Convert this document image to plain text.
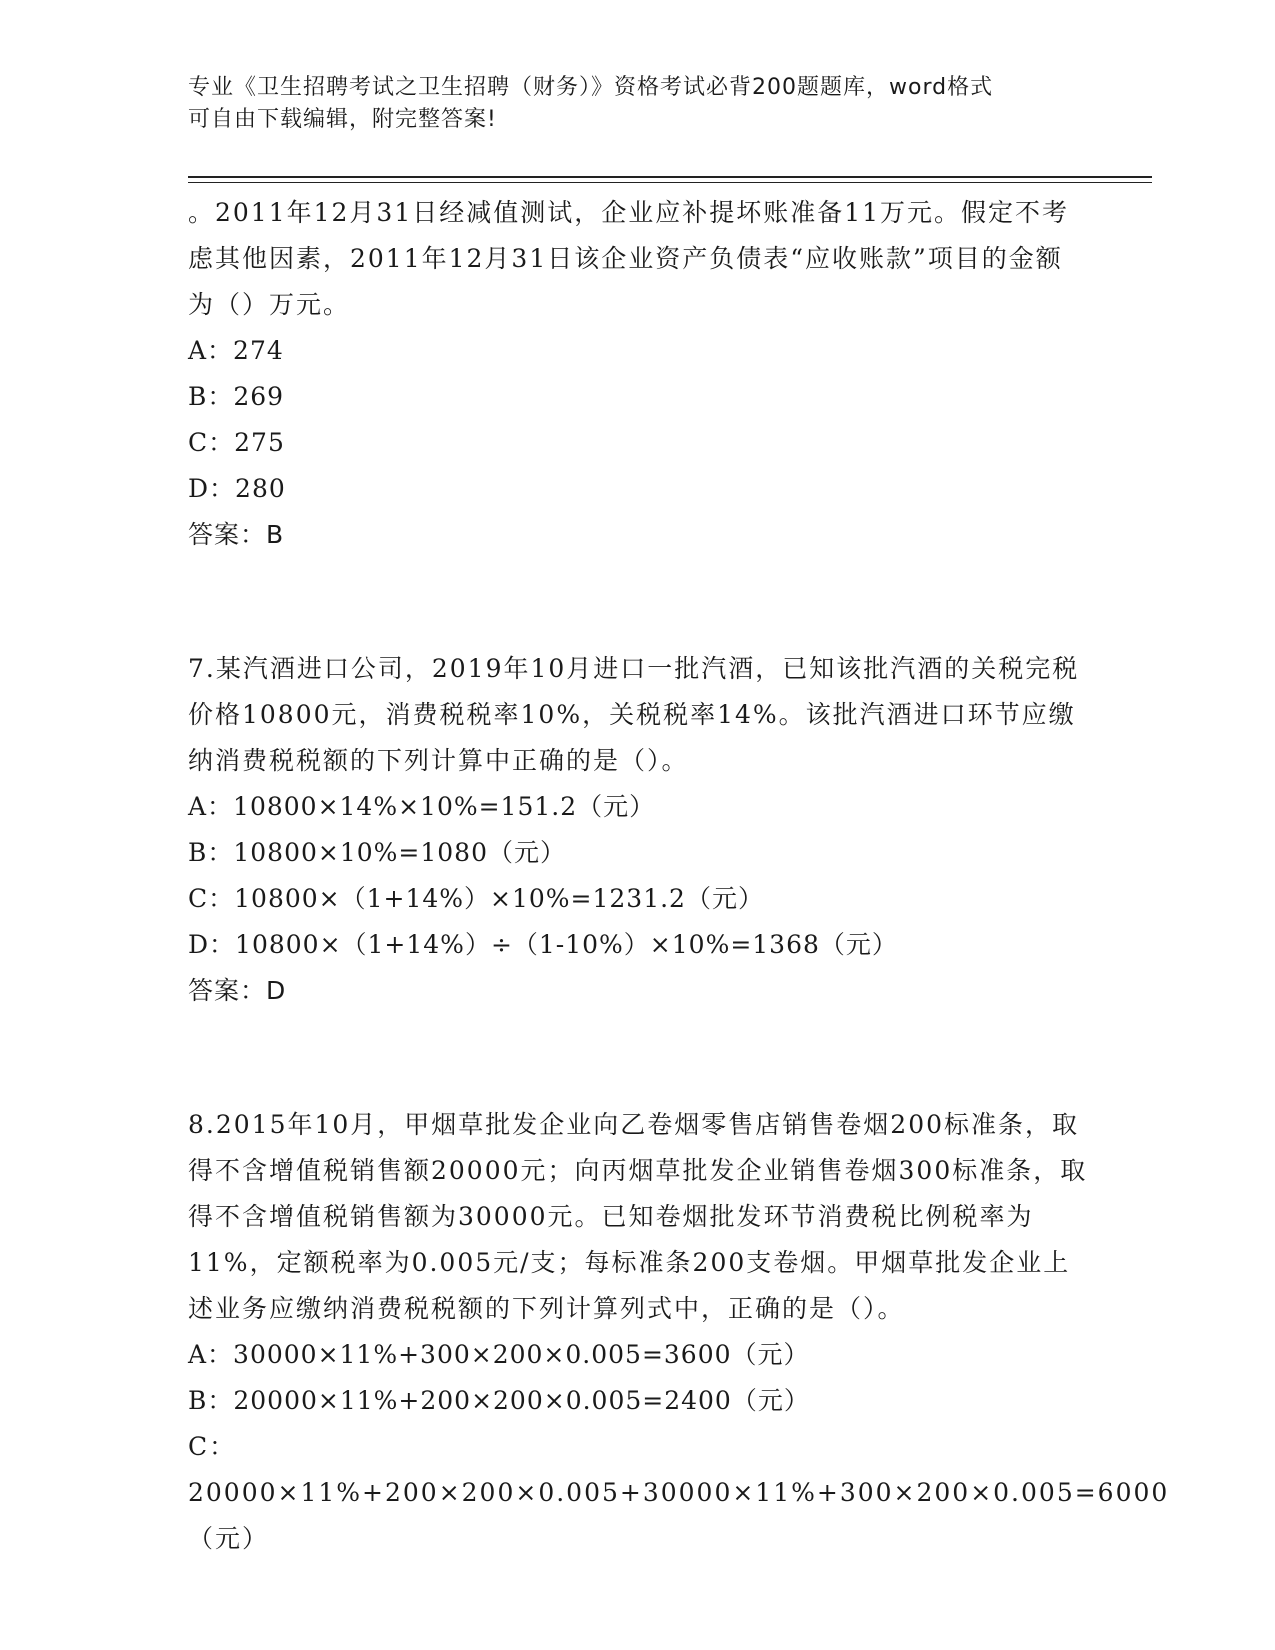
专业《卫生招聘考试之卫生招聘（财务）》资格考试必背200题题库，word格式
可自由下载编辑，附完整答案!

。2011年12月31日经减值测试，企业应补提坏账准备11万元。假定不考虑其他因素，2011年12月31日该企业资产负债表“应收账款”项目的金额为（）万元。

A：274

B：269

C：275

D：280

答案：B

7.某汽酒进口公司，2019年10月进口一批汽酒，已知该批汽酒的关税完税价格10800元，消费税税率10%，关税税率14%。该批汽酒进口环节应缴纳消费税税额的下列计算中正确的是（）。

A：10800×14%×10%=151.2（元）

B：10800×10%=1080（元）

C：10800×（1+14%）×10%=1231.2（元）

D：10800×（1+14%）÷（1-10%）×10%=1368（元）

答案：D

8.2015年10月，甲烟草批发企业向乙卷烟零售店销售卷烟200标准条，取得不含增值税销售额20000元；向丙烟草批发企业销售卷烟300标准条，取得不含增值税销售额为30000元。已知卷烟批发环节消费税比例税率为11%，定额税率为0.005元/支；每标准条200支卷烟。甲烟草批发企业上述业务应缴纳消费税税额的下列计算列式中，正确的是（）。

A：30000×11%+300×200×0.005=3600（元）

B：20000×11%+200×200×0.005=2400（元）

C：20000×11%+200×200×0.005+30000×11%+300×200×0.005=6000（元）
